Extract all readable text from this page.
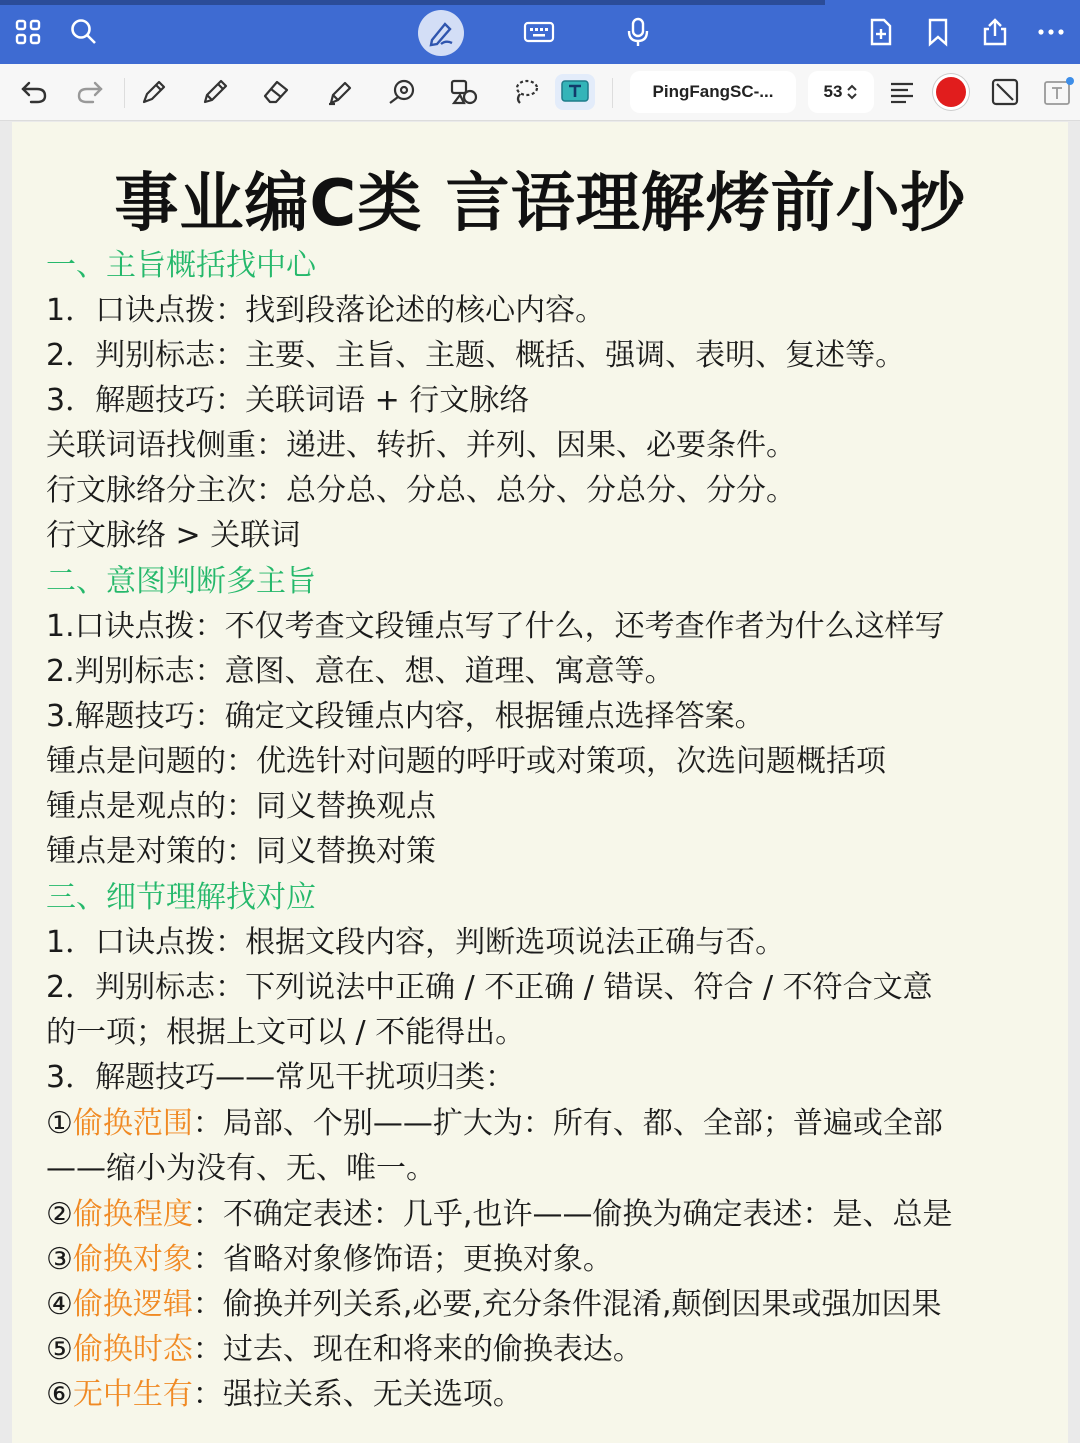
PingFangSC-...	53
事业编C类 言语理解烤前小抄
一、主旨概括找中心
1．口诀点拨：找到段落论述的核心内容。
2．判别标志：主要、主旨、主题、概括、强调、表明、复述等。
3．解题技巧：关联词语 + 行文脉络
关联词语找侧重：递进、转折、并列、因果、必要条件。
行文脉络分主次：总分总、分总、总分、分总分、分分。
行文脉络 > 关联词
二、意图判断多主旨
1.口诀点拨：不仅考查文段锺点写了什么，还考查作者为什么这样写
2.判别标志：意图、意在、想、道理、寓意等。
3.解题技巧：确定文段锺点内容，根据锺点选择答案。
锺点是问题的：优选针对问题的呼吁或对策项，次选问题概括项
锺点是观点的：同义替换观点
锺点是对策的：同义替换对策
三、细节理解找对应
1．口诀点拨：根据文段内容，判断选项说法正确与否。
2．判别标志：下列说法中正确 / 不正确 / 错误、符合 / 不符合文意
的一项；根据上文可以 / 不能得出。
3．解题技巧——常见干扰项归类：
①偷换范围：局部、个别——扩大为：所有、都、全部；普遍或全部
——缩小为没有、无、唯一。
②偷换程度：不确定表述：几乎,也许——偷换为确定表述：是、总是
③偷换对象：省略对象修饰语；更换对象。
④偷换逻辑：偷换并列关系,必要,充分条件混淆,颠倒因果或强加因果
⑤偷换时态：过去、现在和将来的偷换表达。
⑥无中生有：强拉关系、无关选项。
